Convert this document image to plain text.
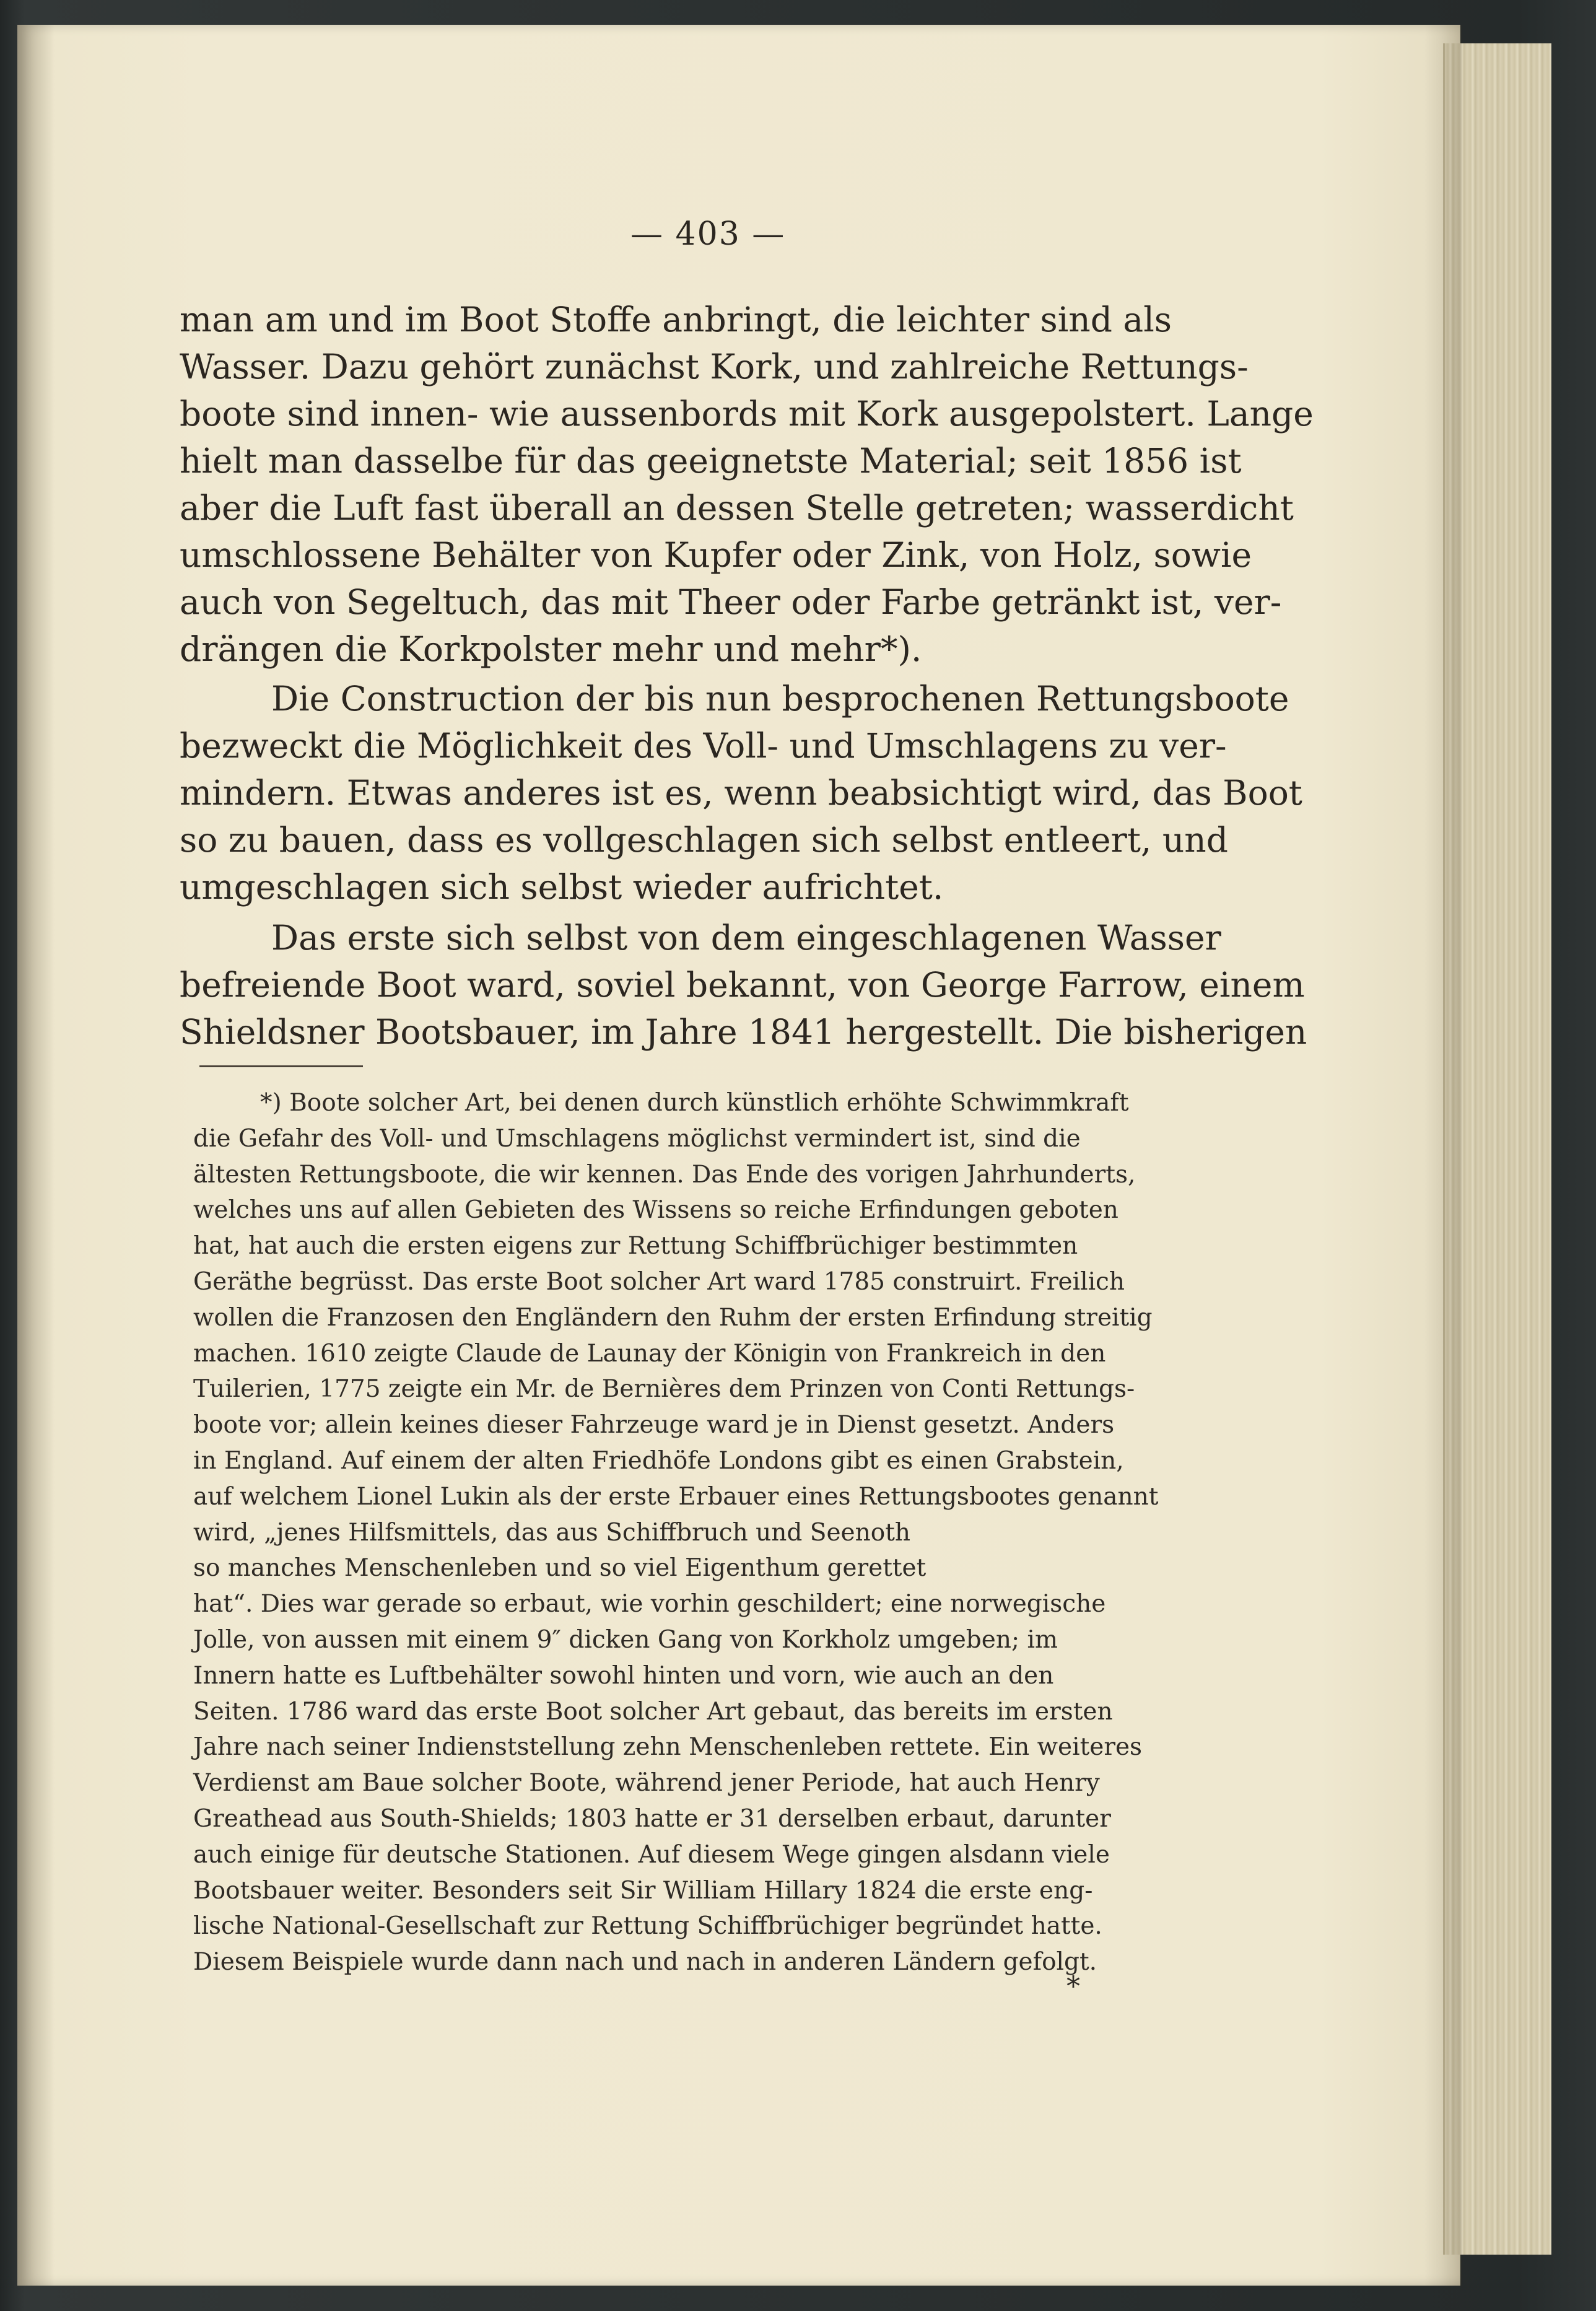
— 403 —
man am und im Boot Stoffe anbringt, die leichter sind als
Wasser. Dazu gehört zunächst Kork, und zahlreiche Rettungs-
boote sind innen- wie aussenbords mit Kork ausgepolstert. Lange
hielt man dasselbe für das geeignetste Material; seit 1856 ist
aber die Luft fast überall an dessen Stelle getreten; wasserdicht
umschlossene Behälter von Kupfer oder Zink, von Holz, sowie
auch von Segeltuch, das mit Theer oder Farbe getränkt ist, ver-
drängen die Korkpolster mehr und mehr*).
Die Construction der bis nun besprochenen Rettungsboote
bezweckt die Möglichkeit des Voll- und Umschlagens zu ver-
mindern. Etwas anderes ist es, wenn beabsichtigt wird, das Boot
so zu bauen, dass es vollgeschlagen sich selbst entleert, und
umgeschlagen sich selbst wieder aufrichtet.
Das erste sich selbst von dem eingeschlagenen Wasser
befreiende Boot ward, soviel bekannt, von George Farrow, einem
Shieldsner Bootsbauer, im Jahre 1841 hergestellt. Die bisherigen
*) Boote solcher Art, bei denen durch künstlich erhöhte Schwimmkraft
die Gefahr des Voll- und Umschlagens möglichst vermindert ist, sind die
ältesten Rettungsboote, die wir kennen. Das Ende des vorigen Jahrhunderts,
welches uns auf allen Gebieten des Wissens so reiche Erfindungen geboten
hat, hat auch die ersten eigens zur Rettung Schiffbrüchiger bestimmten
Geräthe begrüsst. Das erste Boot solcher Art ward 1785 construirt. Freilich
wollen die Franzosen den Engländern den Ruhm der ersten Erfindung streitig
machen. 1610 zeigte Claude de Launay der Königin von Frankreich in den
Tuilerien, 1775 zeigte ein Mr. de Bernières dem Prinzen von Conti Rettungs-
boote vor; allein keines dieser Fahrzeuge ward je in Dienst gesetzt. Anders
in England. Auf einem der alten Friedhöfe Londons gibt es einen Grabstein,
auf welchem Lionel Lukin als der erste Erbauer eines Rettungsbootes genannt
wird, „jenes Hilfsmittels, das aus Schiffbruch und Seenoth
so manches Menschenleben und so viel Eigenthum gerettet
hat“. Dies war gerade so erbaut, wie vorhin geschildert; eine norwegische
Jolle, von aussen mit einem 9″ dicken Gang von Korkholz umgeben; im
Innern hatte es Luftbehälter sowohl hinten und vorn, wie auch an den
Seiten. 1786 ward das erste Boot solcher Art gebaut, das bereits im ersten
Jahre nach seiner Indienststellung zehn Menschenleben rettete. Ein weiteres
Verdienst am Baue solcher Boote, während jener Periode, hat auch Henry
Greathead aus South-Shields; 1803 hatte er 31 derselben erbaut, darunter
auch einige für deutsche Stationen. Auf diesem Wege gingen alsdann viele
Bootsbauer weiter. Besonders seit Sir William Hillary 1824 die erste eng-
lische National-Gesellschaft zur Rettung Schiffbrüchiger begründet hatte.
Diesem Beispiele wurde dann nach und nach in anderen Ländern gefolgt.
*
